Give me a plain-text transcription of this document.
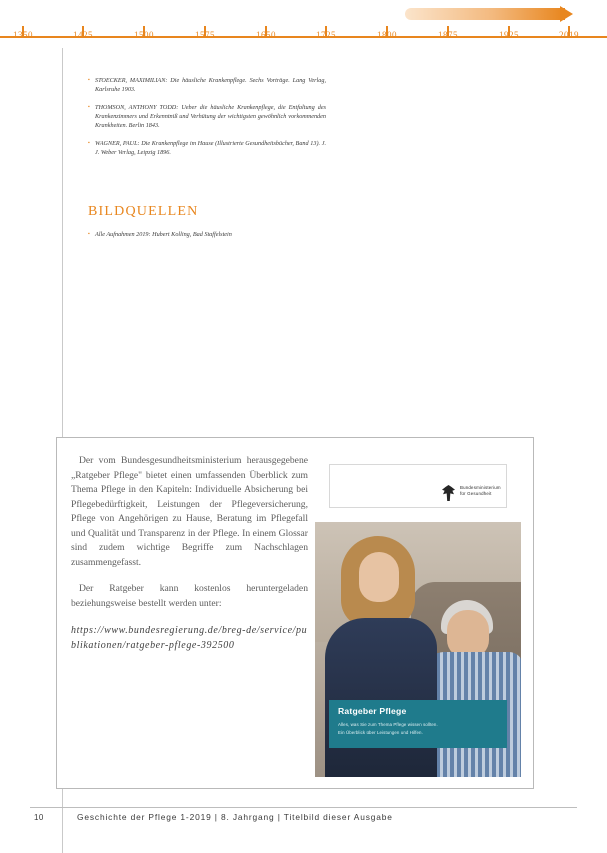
1350	1425	1500	1575	1650	1725	1800	1875	1925	2019
▪ STOECKER, MAXIMILIAN: Die häusliche Krankenpflege. Sechs Vorträge. Lang Verlag, Karlsruhe 1903.
▪ THOMSON, ANTHONY TODD: Ueber die häusliche Krankenpflege, die Entfaltung des Krankenzimmers und Erkenntniß und Verhütung der wichtigsten gewöhnlich vorkommenden Krankheiten. Berlin 1843.
▪ WAGNER, PAUL: Die Krankenpflege im Hause (Illustrierte Gesundheitsbücher, Band 13). J. J. Weber Verlag, Leipzig 1896.
BILDQUELLEN
▪ Alle Aufnahmen 2019: Hubert Kolling, Bad Staffelstein

Der vom Bundesgesundheitsministerium herausgegebene „Ratgeber Pflege" bietet einen umfassenden Überblick zum Thema Pflege in den Kapiteln: Individuelle Absicherung bei Pflegebedürftigkeit, Leistungen der Pflegeversicherung, Pflege von Angehörigen zu Hause, Beratung im Pflegefall und Qualität und Transparenz in der Pflege. In einem Glossar sind zudem wichtige Begriffe zum Nachschlagen zusammengefasst.

Der Ratgeber kann kostenlos heruntergeladen beziehungsweise bestellt werden unter:

https://www.bundesregierung.de/breg-de/service/publikationen/ratgeber-pflege-392500

Bundesministerium
für Gesundheit
Ratgeber Pflege
Alles, was Sie zum Thema Pflege wissen sollten.
Ein Überblick über Leistungen und Hilfen.
10	Geschichte der Pflege 1-2019 | 8. Jahrgang | Titelbild dieser Ausgabe
